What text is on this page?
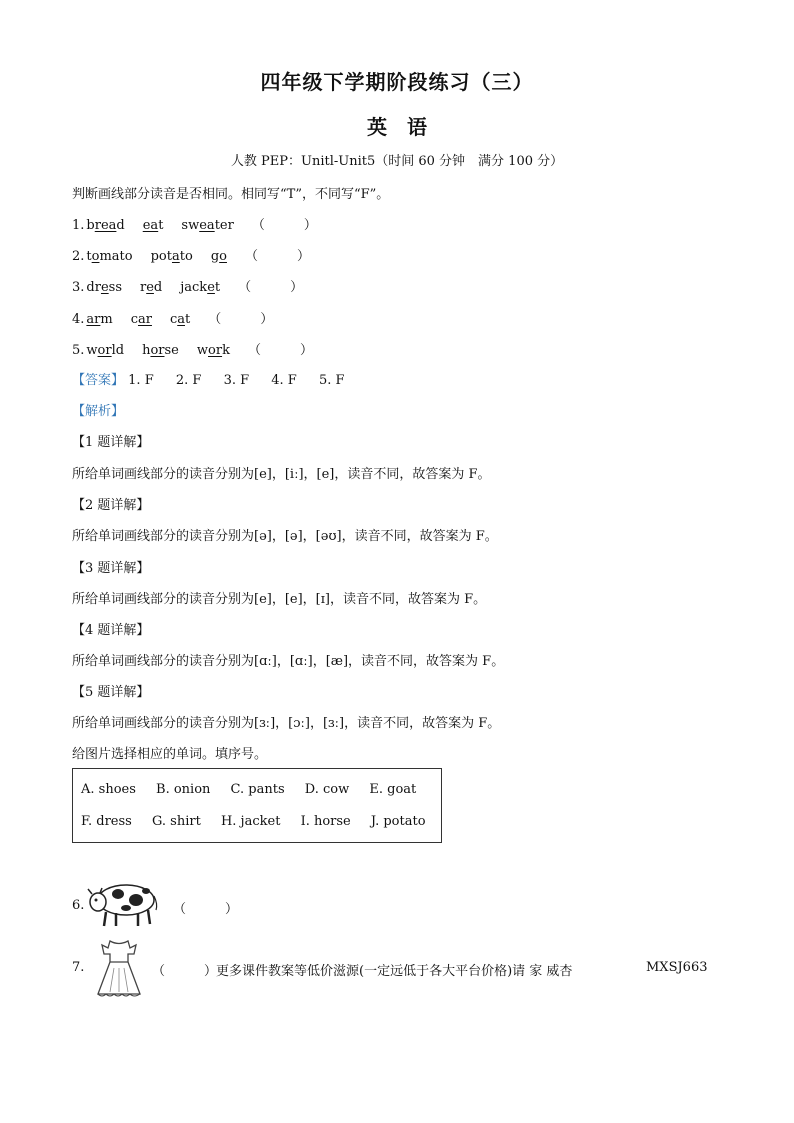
四年级下学期阶段练习（三）
英　语
人教 PEP：Unitl-Unit5（时间 60 分钟　满分 100 分）
判断画线部分读音是否相同。相同写“T”，不同写“F”。
1. bread eat sweater （　　　）
2. tomato potato go （　　　）
3. dress red jacket （　　　）
4. arm car cat （　　　）
5. world horse work （　　　）
【答案】 1. F 2. F 3. F 4. F 5. F
【解析】
【1 题详解】
所给单词画线部分的读音分别为[e]，[iː]，[e]，读音不同，故答案为 F。
【2 题详解】
所给单词画线部分的读音分别为[ə]，[ə]，[əʊ]，读音不同，故答案为 F。
【3 题详解】
所给单词画线部分的读音分别为[e]，[e]，[ɪ]，读音不同，故答案为 F。
【4 题详解】
所给单词画线部分的读音分别为[ɑː]，[ɑː]，[æ]，读音不同，故答案为 F。
【5 题详解】
所给单词画线部分的读音分别为[ɜː]，[ɔː]，[ɜː]，读音不同，故答案为 F。
给图片选择相应的单词。填序号。
A. shoes B. onion C. pants D. cow E. goat
F. dress G. shirt H. jacket I. horse J. potato
6.	（　　　）
7.	（　　　）
更多课件教案等低价滋源(一定远低于各大平台价格)请 家 威杏	MXSJ663
